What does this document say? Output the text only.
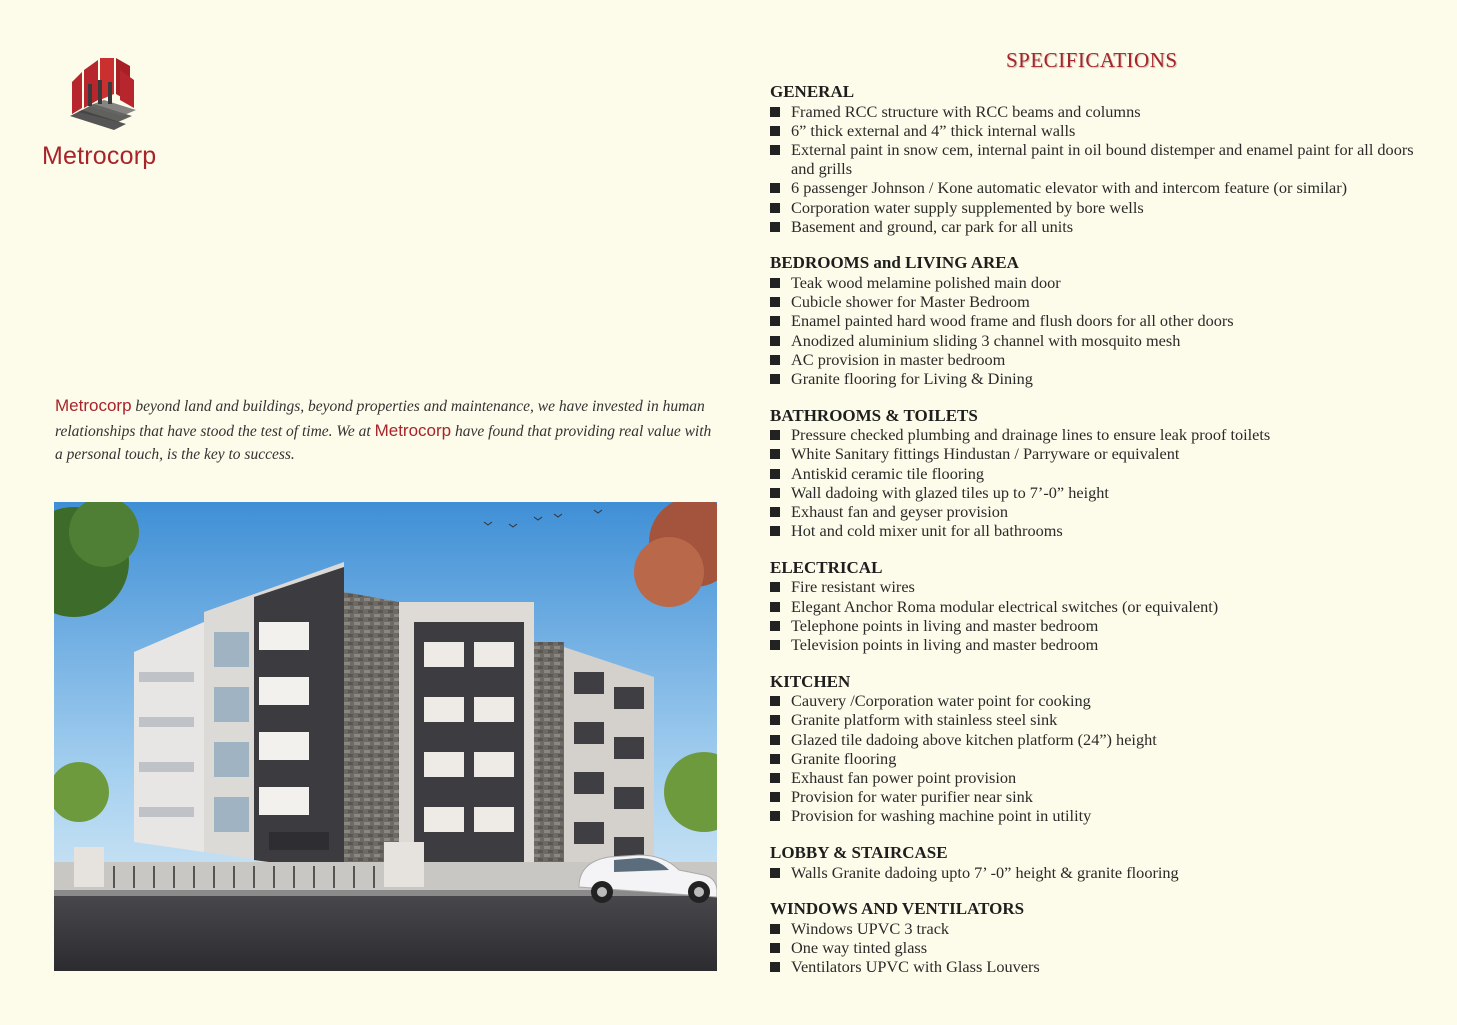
Metrocorp

Metrocorp beyond land and buildings, beyond properties and maintenance, we have invested in human relationships that have stood the test of time. We at Metrocorp have found that providing real value with a personal touch, is the key to success.

SPECIFICATIONS
GENERAL
Framed RCC structure with RCC beams and columns
6” thick external and 4” thick internal walls
External paint in snow cem, internal paint in oil bound distemper and enamel paint for all doors and grills
6 passenger Johnson / Kone automatic elevator with and intercom feature (or similar)
Corporation water supply supplemented by bore wells
Basement and ground, car park for all units
BEDROOMS and LIVING AREA
Teak wood melamine polished main door
Cubicle shower for Master Bedroom
Enamel painted hard wood frame and flush doors for all other doors
Anodized aluminium sliding 3 channel with mosquito mesh
AC provision in master bedroom
Granite flooring for Living & Dining
BATHROOMS & TOILETS
Pressure checked plumbing and drainage lines to ensure leak proof toilets
White Sanitary fittings Hindustan / Parryware or equivalent
Antiskid ceramic tile flooring
Wall dadoing with glazed tiles up to 7’-0” height
Exhaust fan and geyser provision
Hot and cold mixer unit for all bathrooms
ELECTRICAL
Fire resistant wires
Elegant Anchor Roma modular electrical switches (or equivalent)
Telephone points in living and master bedroom
Television points in living and master bedroom
KITCHEN
Cauvery /Corporation water point for cooking
Granite platform with stainless steel sink
Glazed tile dadoing above kitchen platform (24”) height
Granite flooring
Exhaust fan power point provision
Provision for water purifier near sink
Provision for washing machine point in utility
LOBBY & STAIRCASE
Walls Granite dadoing upto 7’ -0” height & granite flooring
WINDOWS AND VENTILATORS
Windows UPVC 3 track
One way tinted glass
Ventilators UPVC with Glass Louvers
